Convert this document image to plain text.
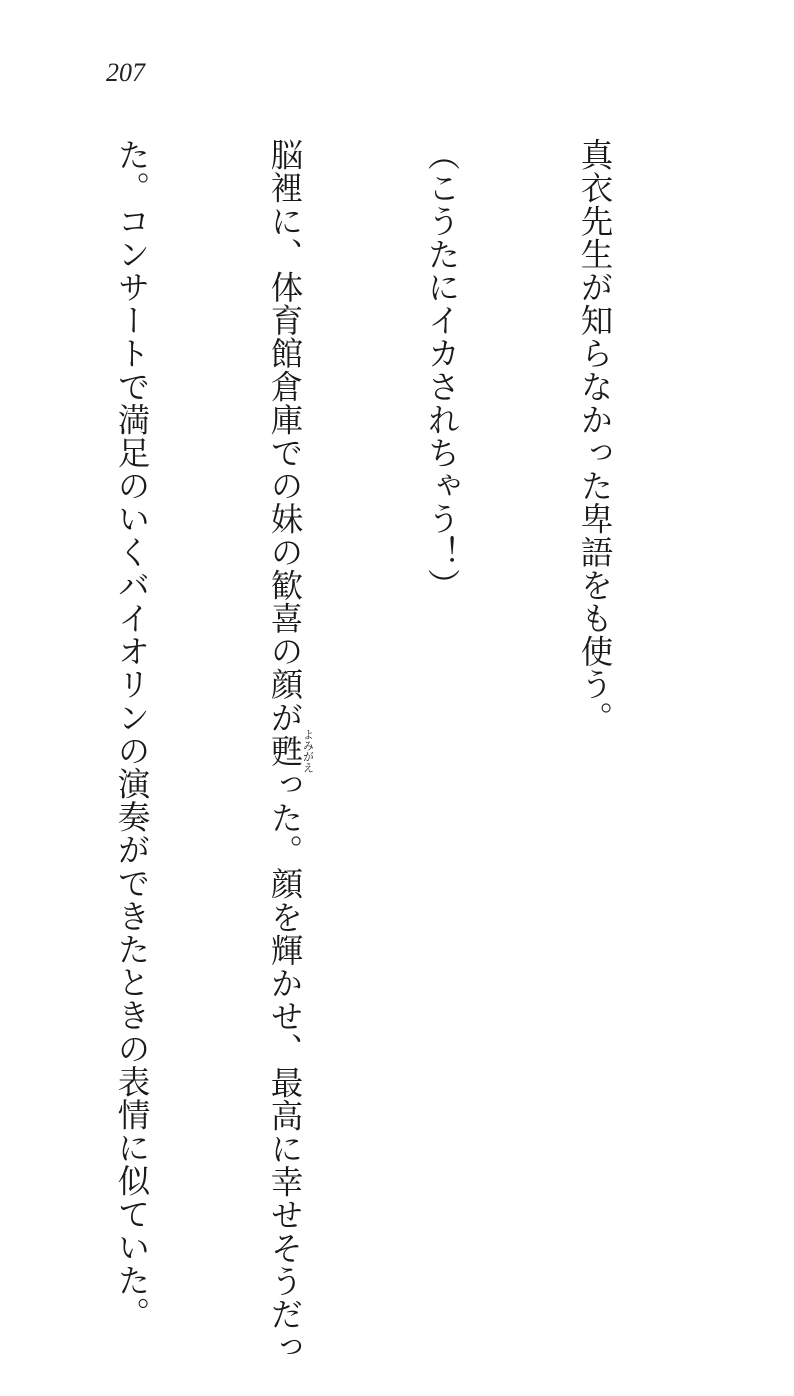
207

真衣先生が知らなかった卑語をも使う。

（こうたにイカされちゃう！）

脳裡に、体育館倉庫での妹の歓喜の顔が甦よみがえった。顔を輝かせ、最高に幸せそうだっ

た。コンサートで満足のいくバイオリンの演奏ができたときの表情に似ていた。
